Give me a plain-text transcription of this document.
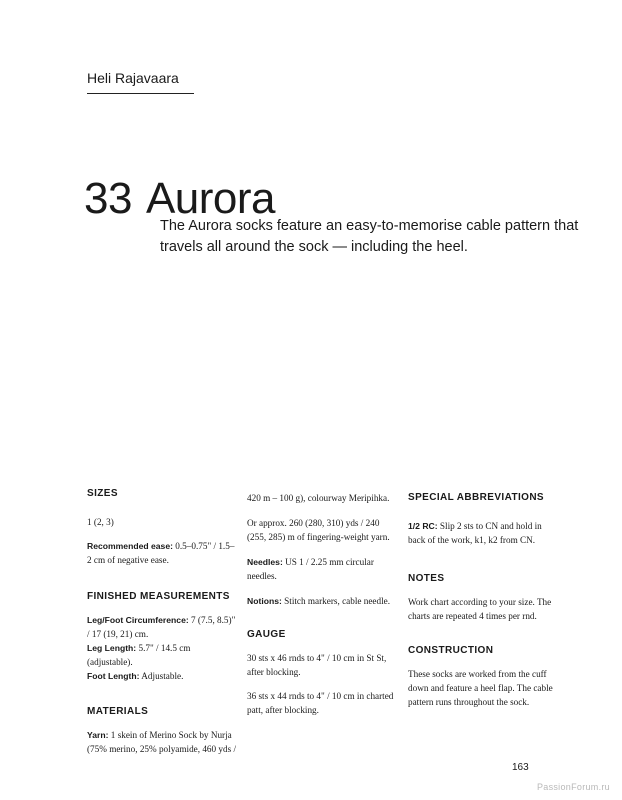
Heli Rajavaara
33 Aurora

The Aurora socks feature an easy-to-memorise cable pattern that travels all around the sock — including the heel.

SIZES

1 (2, 3)

Recommended ease: 0.5–0.75" / 1.5–2 cm of negative ease.

FINISHED MEASUREMENTS

Leg/Foot Circumference: 7 (7.5, 8.5)" / 17 (19, 21) cm.

Leg Length: 5.7" / 14.5 cm (adjustable).

Foot Length: Adjustable.

MATERIALS

Yarn: 1 skein of Merino Sock by Nurja (75% merino, 25% polyamide, 460 yds /

420 m – 100 g), colourway Meripihka.

Or approx. 260 (280, 310) yds / 240 (255, 285) m of fingering-weight yarn.

Needles: US 1 / 2.25 mm circular needles.

Notions: Stitch markers, cable needle.

GAUGE

30 sts x 46 rnds to 4" / 10 cm in St St, after blocking.

36 sts x 44 rnds to 4" / 10 cm in charted patt, after blocking.

SPECIAL ABBREVIATIONS

1/2 RC: Slip 2 sts to CN and hold in back of the work, k1, k2 from CN.

NOTES

Work chart according to your size. The charts are repeated 4 times per rnd.

CONSTRUCTION

These socks are worked from the cuff down and feature a heel flap. The cable pattern runs throughout the sock.

163
PassionForum.ru
